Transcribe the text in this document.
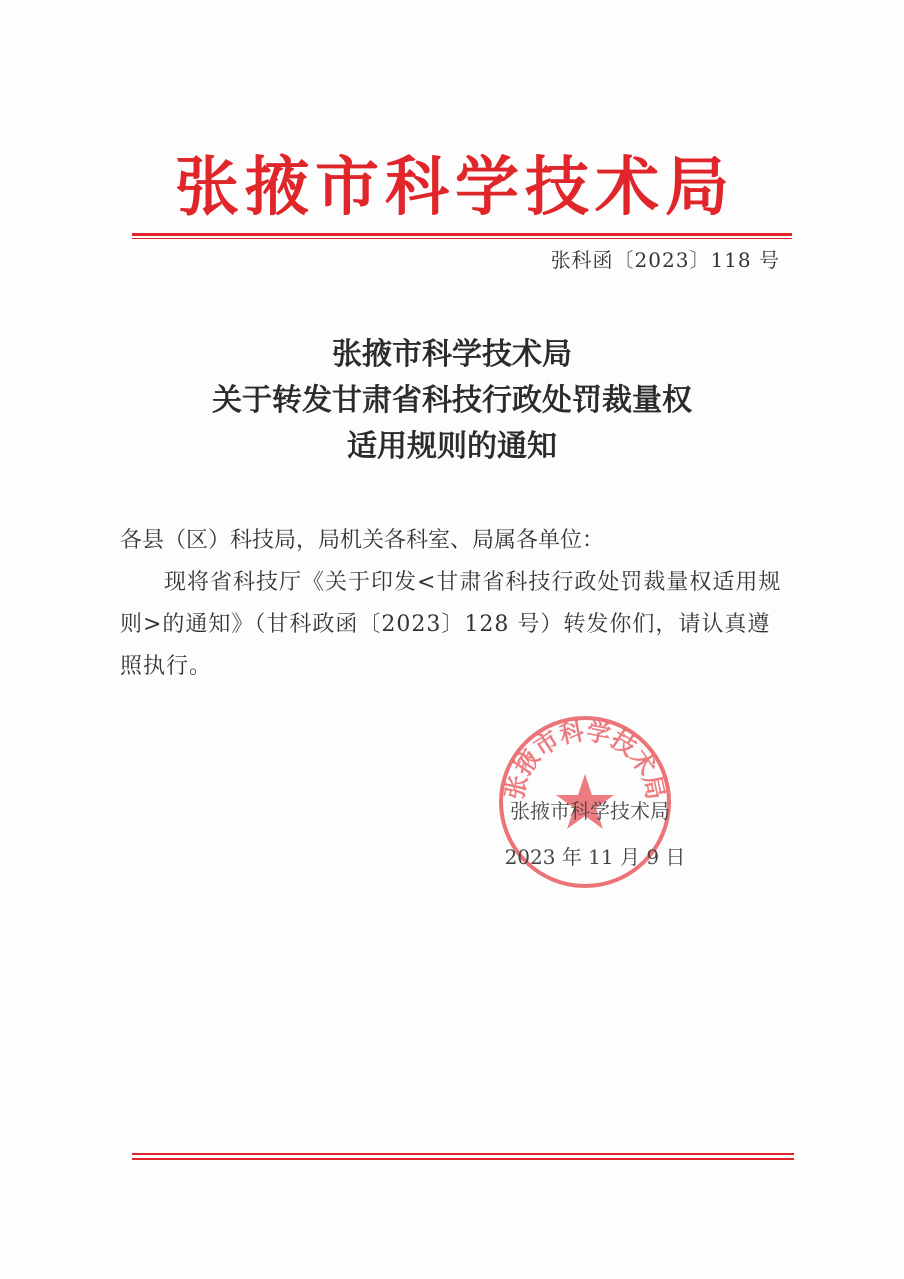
张掖市科学技术局
张科函〔2023〕118 号
张掖市科学技术局
关于转发甘肃省科技行政处罚裁量权
适用规则的通知
各县（区）科技局，局机关各科室、局属各单位：
现将省科技厅《关于印发<甘肃省科技行政处罚裁量权适用规则>的通知》（甘科政函〔2023〕128 号）转发你们，请认真遵照执行。
张掖市科学技术局
张掖市科学技术局
2023 年 11 月 9 日
